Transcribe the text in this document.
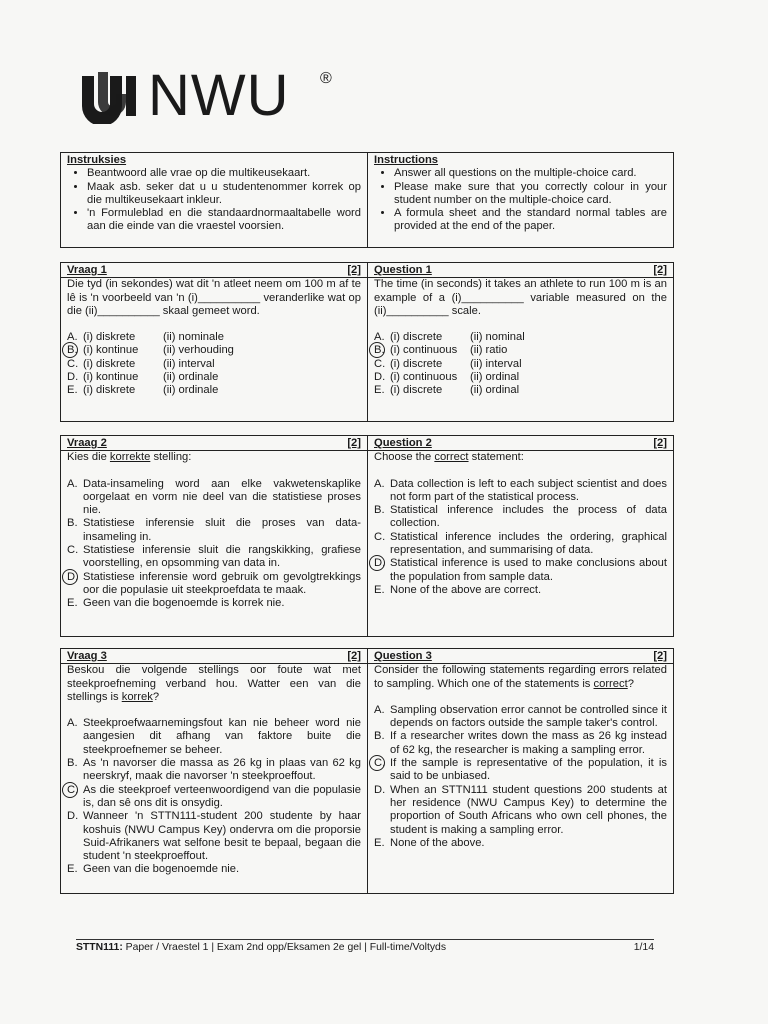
NWU ®
Instruksies
• Beantwoord alle vrae op die multikeusekaart.
• Maak asb. seker dat u u studentenommer korrek op die multikeusekaart inkleur.
• 'n Formuleblad en die standaardnormaaltabelle word aan die einde van die vraestel voorsien.
Instructions
• Answer all questions on the multiple-choice card.
• Please make sure that you correctly colour in your student number on the multiple-choice card.
• A formula sheet and the standard normal tables are provided at the end of the paper.
Vraag 1	[2]
Die tyd (in sekondes) wat dit 'n atleet neem om 100 m af te lê is 'n voorbeeld van 'n (i)__________ veranderlike wat op die (ii)__________ skaal gemeet word.
A. (i) diskrete	(ii) nominale
B. (i) kontinue	(ii) verhouding
C. (i) diskrete	(ii) interval
D. (i) kontinue	(ii) ordinale
E. (i) diskrete	(ii) ordinale
Question 1	[2]
The time (in seconds) it takes an athlete to run 100 m is an example of a (i)__________ variable measured on the (ii)__________ scale.
A. (i) discrete	(ii) nominal
B. (i) continuous	(ii) ratio
C. (i) discrete	(ii) interval
D. (i) continuous	(ii) ordinal
E. (i) discrete	(ii) ordinal
Vraag 2	[2]
Kies die korrekte stelling:
A. Data-insameling word aan elke vakwetenskaplike oorgelaat en vorm nie deel van die statistiese proses nie.
B. Statistiese inferensie sluit die proses van data-insameling in.
C. Statistiese inferensie sluit die rangskikking, grafiese voorstelling, en opsomming van data in.
D. Statistiese inferensie word gebruik om gevolgtrekkings oor die populasie uit steekproefdata te maak.
E. Geen van die bogenoemde is korrek nie.
Question 2	[2]
Choose the correct statement:
A. Data collection is left to each subject scientist and does not form part of the statistical process.
B. Statistical inference includes the process of data collection.
C. Statistical inference includes the ordering, graphical representation, and summarising of data.
D. Statistical inference is used to make conclusions about the population from sample data.
E. None of the above are correct.
Vraag 3	[2]
Beskou die volgende stellings oor foute wat met steekproefneming verband hou. Watter een van die stellings is korrek?
A. Steekproefwaarnemingsfout kan nie beheer word nie aangesien dit afhang van faktore buite die steekproefnemer se beheer.
B. As 'n navorser die massa as 26 kg in plaas van 62 kg neerskryf, maak die navorser 'n steekproeffout.
C. As die steekproef verteenwoordigend van die populasie is, dan sê ons dit is onsydig.
D. Wanneer 'n STTN111-student 200 studente by haar koshuis (NWU Campus Key) ondervra om die proporsie Suid-Afrikaners wat selfone besit te bepaal, begaan die student 'n steekproeffout.
E. Geen van die bogenoemde nie.
Question 3	[2]
Consider the following statements regarding errors related to sampling. Which one of the statements is correct?
A. Sampling observation error cannot be controlled since it depends on factors outside the sample taker's control.
B. If a researcher writes down the mass as 26 kg instead of 62 kg, the researcher is making a sampling error.
C. If the sample is representative of the population, it is said to be unbiased.
D. When an STTN111 student questions 200 students at her residence (NWU Campus Key) to determine the proportion of South Africans who own cell phones, the student is making a sampling error.
E. None of the above.
STTN111: Paper / Vraestel 1 | Exam 2nd opp/Eksamen 2e gel | Full-time/Voltyds	1/14
